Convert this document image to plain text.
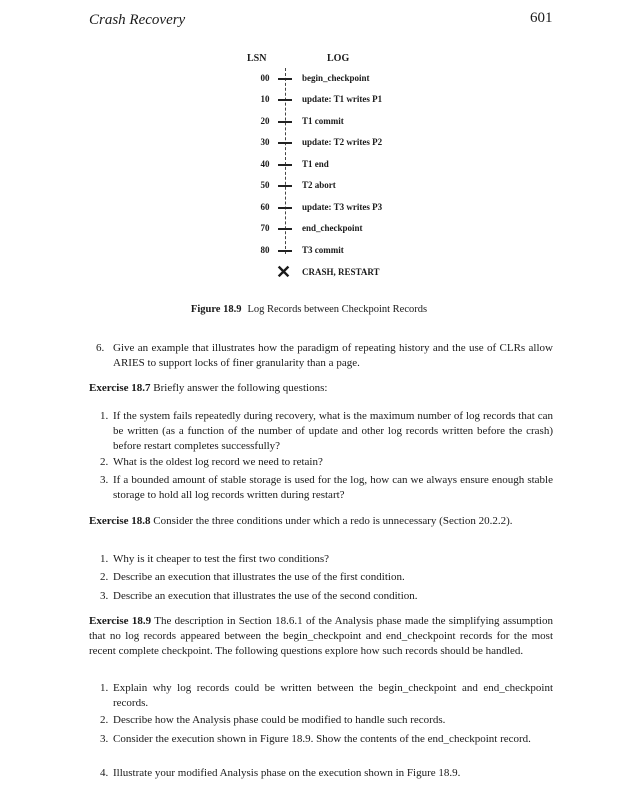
Crash Recovery	601
LSN	LOG
00	begin_checkpoint
10	update: T1 writes P1
20	T1 commit
30	update: T2 writes P2
40	T1 end
50	T2 abort
60	update: T3 writes P3
70	end_checkpoint
80	T3 commit
✕ CRASH, RESTART
Figure 18.9 Log Records between Checkpoint Records
6. Give an example that illustrates how the paradigm of repeating history and the use of CLRs allow ARIES to support locks of finer granularity than a page.
Exercise 18.7 Briefly answer the following questions:
1. If the system fails repeatedly during recovery, what is the maximum number of log records that can be written (as a function of the number of update and other log records written before the crash) before restart completes successfully?
2. What is the oldest log record we need to retain?
3. If a bounded amount of stable storage is used for the log, how can we always ensure enough stable storage to hold all log records written during restart?
Exercise 18.8 Consider the three conditions under which a redo is unnecessary (Section 20.2.2).
1. Why is it cheaper to test the first two conditions?
2. Describe an execution that illustrates the use of the first condition.
3. Describe an execution that illustrates the use of the second condition.
Exercise 18.9 The description in Section 18.6.1 of the Analysis phase made the simplifying assumption that no log records appeared between the begin_checkpoint and end_checkpoint records for the most recent complete checkpoint. The following questions explore how such records should be handled.
1. Explain why log records could be written between the begin_checkpoint and end_checkpoint records.
2. Describe how the Analysis phase could be modified to handle such records.
3. Consider the execution shown in Figure 18.9. Show the contents of the end_checkpoint record.
4. Illustrate your modified Analysis phase on the execution shown in Figure 18.9.
